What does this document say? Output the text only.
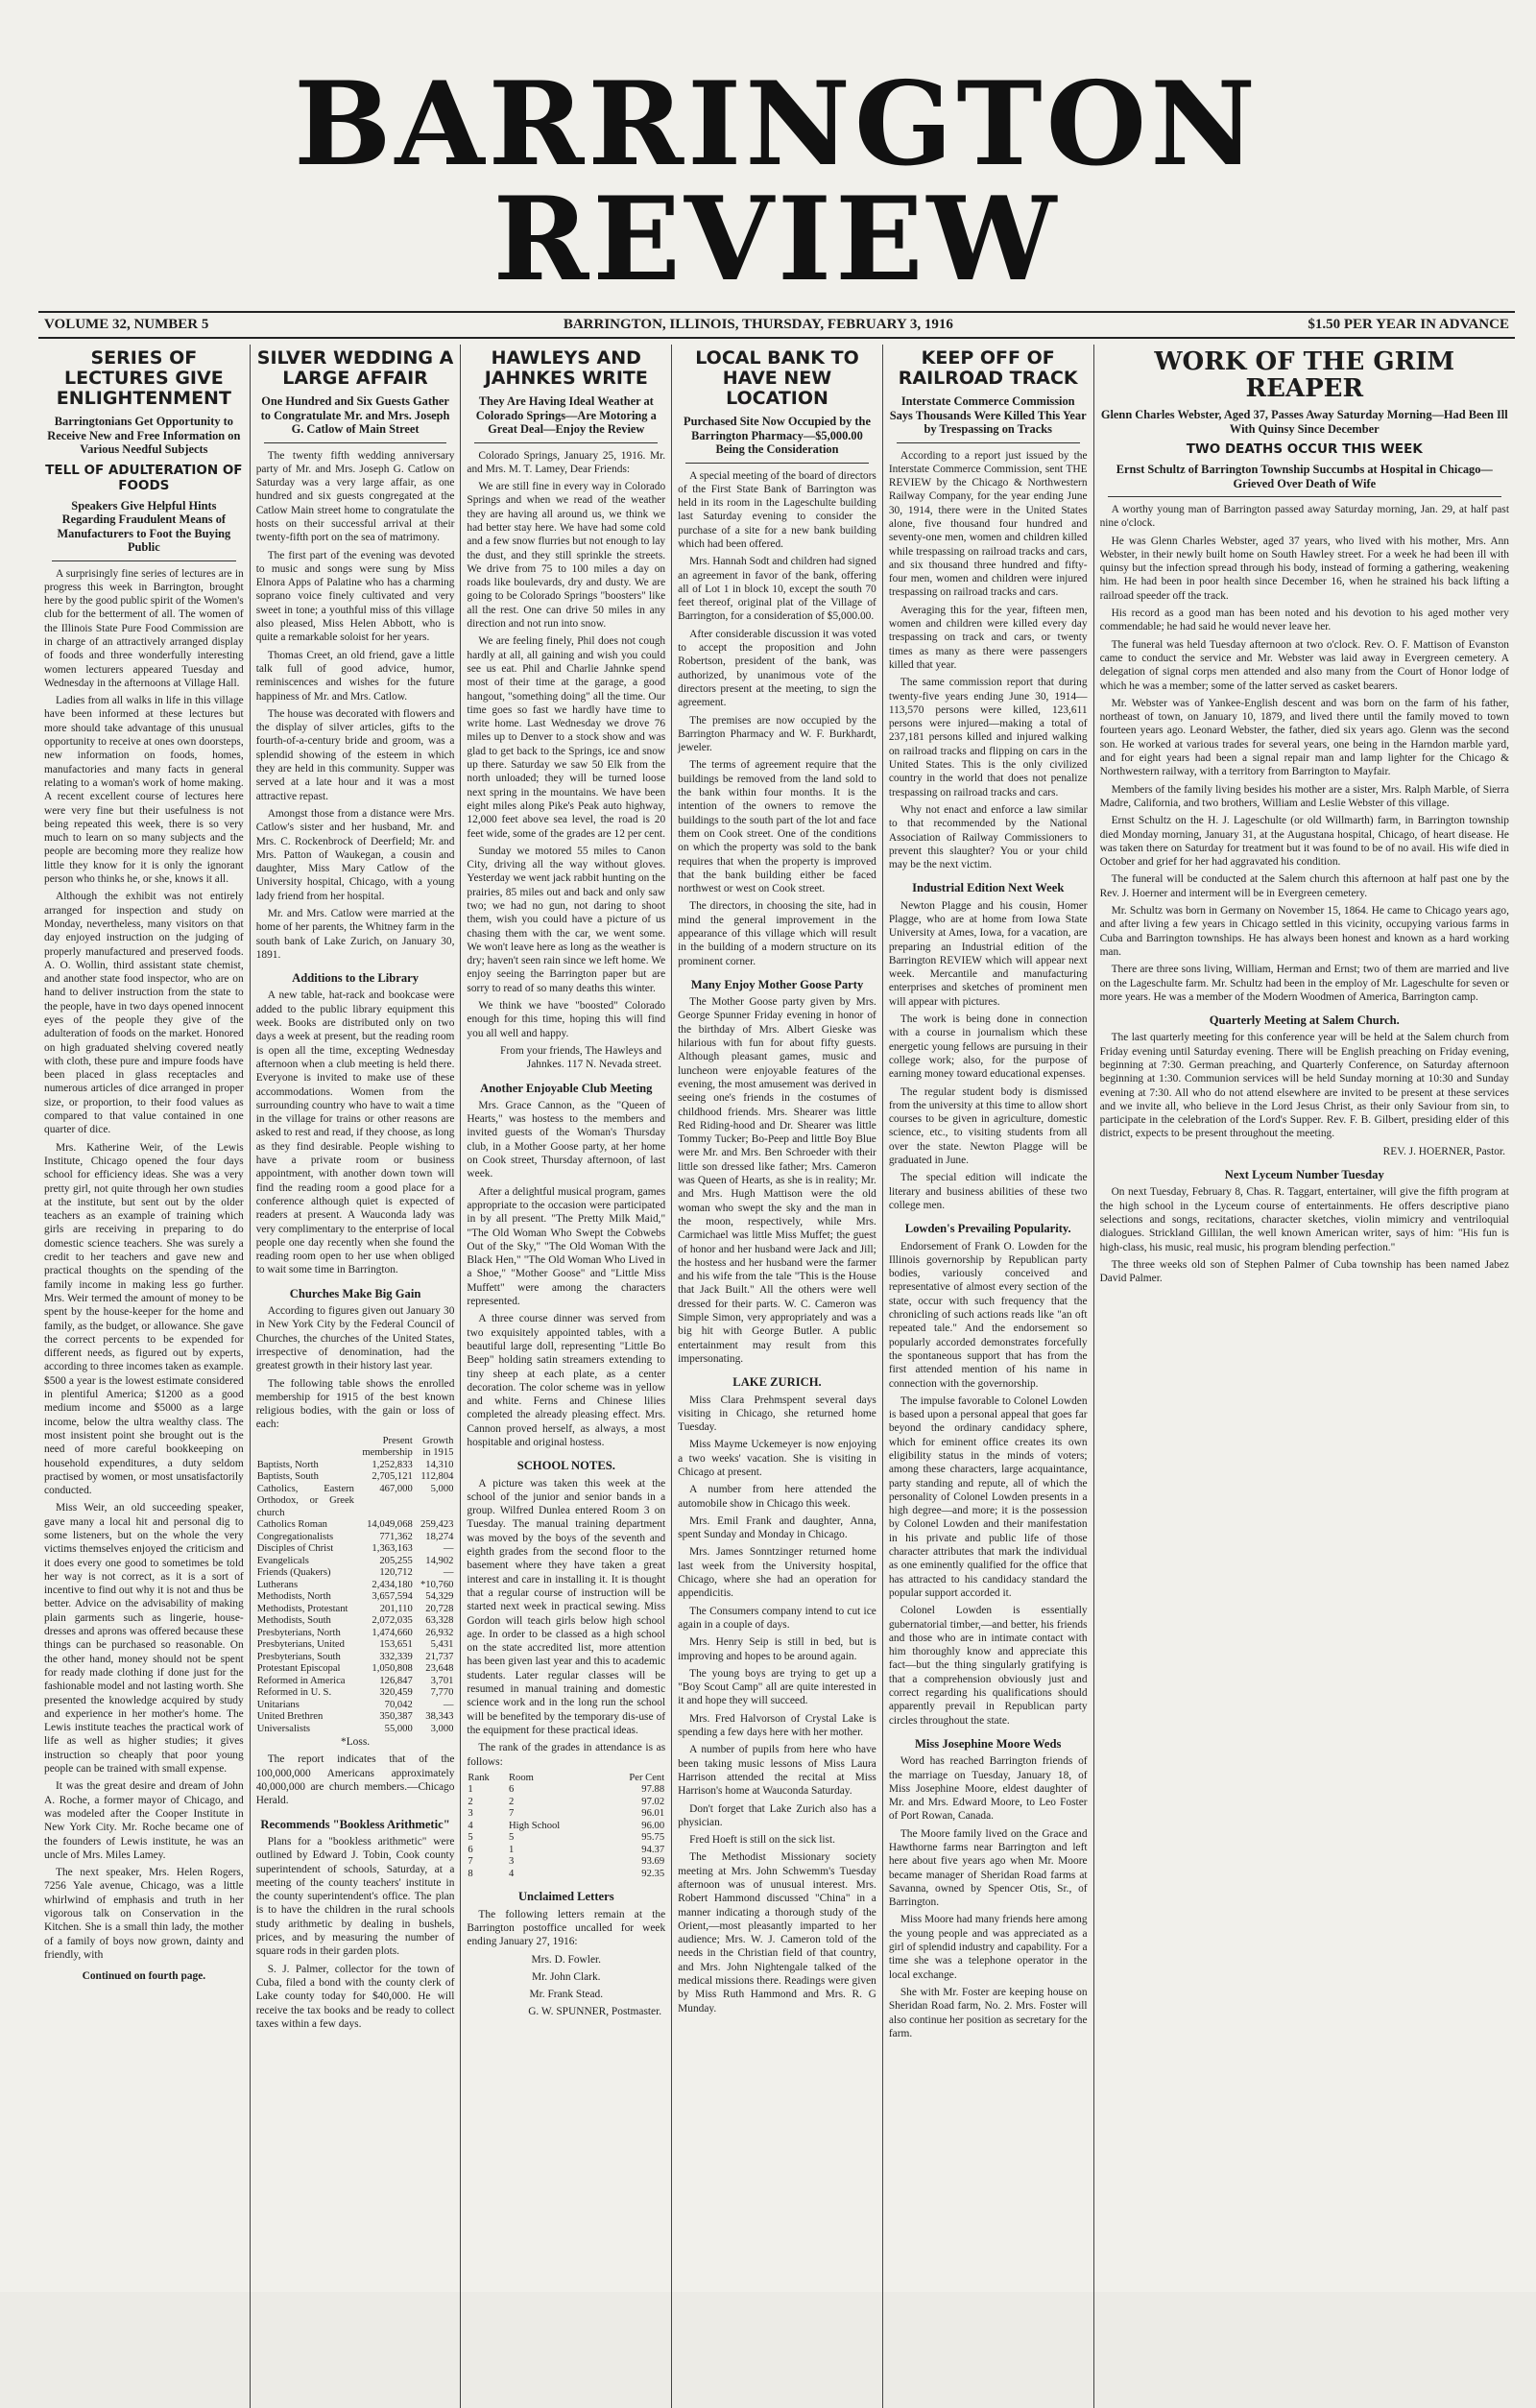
BARRINGTON REVIEW
VOLUME 32, NUMBER 5	BARRINGTON, ILLINOIS, THURSDAY, FEBRUARY 3, 1916	$1.50 PER YEAR IN ADVANCE
SERIES OF LECTURES GIVE ENLIGHTENMENT
Barringtonians Get Opportunity to Receive New and Free Information on Various Needful Subjects
TELL OF ADULTERATION OF FOODS
Speakers Give Helpful Hints Regarding Fraudulent Means of Manufacturers to Foot the Buying Public

A surprisingly fine series of lectures are in progress this week in Barrington, brought here by the good public spirit of the Women's club for the betterment of all. The women of the Illinois State Pure Food Commission are in charge of an attractively arranged display of foods and three wonderfully interesting women lecturers appeared Tuesday and Wednesday in the afternoons at Village Hall.

Ladies from all walks in life in this village have been informed at these lectures but more should take advantage of this unusual opportunity to receive at ones own doorsteps, new information on foods, homes, manufactories and many facts in general relating to a woman's work of home making. A recent excellent course of lectures here were very fine but their usefulness is not being repeated this week, there is so very much to learn on so many subjects and the people are becoming more they realize how little they know for it is only the ignorant person who thinks he, or she, knows it all.

Although the exhibit was not entirely arranged for inspection and study on Monday, nevertheless, many visitors on that day enjoyed instruction on the judging of properly manufactured and preserved foods. A. O. Wollin, third assistant state chemist, and another state food inspector, who are on hand to deliver instruction from the state to the people, have in two days opened innocent eyes of the people they give of the adulteration of foods on the market. Honored on high graduated shelving covered neatly with cloth, these pure and impure foods have been placed in glass receptacles and numerous articles of dice arranged in proper size, or proportion, to their food values as compared to that value contained in one quarter of dice.

Mrs. Katherine Weir, of the Lewis Institute, Chicago opened the four days school for efficiency ideas. She was a very pretty girl, not quite through her own studies at the institute, but sent out by the older teachers as an example of training which girls are receiving in preparing to do domestic science teachers. She was surely a credit to her teachers and gave new and practical thoughts on the spending of the family income in making less go further. Mrs. Weir termed the amount of money to be spent by the house-keeper for the home and family, as the budget, or allowance. She gave the correct percents to be expended for different needs, as figured out by experts, according to three incomes taken as example. $500 a year is the lowest estimate considered in plentiful America; $1200 as a good medium income and $5000 as a large income, below the ultra wealthy class. The most insistent point she brought out is the need of more careful bookkeeping on household expenditures, a duty seldom practised by women, or most unsatisfactorily conducted.

Miss Weir, an old succeeding speaker, gave many a local hit and personal dig to some listeners, but on the whole the very victims themselves enjoyed the criticism and it does every one good to sometimes be told her way is not correct, as it is a sort of incentive to find out why it is not and thus be better. Advice on the advisability of making plain garments such as lingerie, house-dresses and aprons was offered because these things can be purchased so reasonable. On the other hand, money should not be spent for ready made clothing if done just for the fashionable model and not lasting worth. She presented the knowledge acquired by study and experience in her mother's home. The Lewis institute teaches the practical work of life as well as higher studies; it gives instruction so cheaply that poor young people can be trained with small expense.

It was the great desire and dream of John A. Roche, a former mayor of Chicago, and was modeled after the Cooper Institute in New York City. Mr. Roche became one of the founders of Lewis institute, he was an uncle of Mrs. Miles Lamey.

The next speaker, Mrs. Helen Rogers, 7256 Yale avenue, Chicago, was a little whirlwind of emphasis and truth in her vigorous talk on Conservation in the Kitchen. She is a small thin lady, the mother of a family of boys now grown, dainty and friendly, with

Continued on fourth page.
SILVER WEDDING A LARGE AFFAIR
One Hundred and Six Guests Gather to Congratulate Mr. and Mrs. Joseph G. Catlow of Main Street

The twenty fifth wedding anniversary party of Mr. and Mrs. Joseph G. Catlow on Saturday was a very large affair, as one hundred and six guests congregated at the Catlow Main street home to congratulate the hosts on their successful arrival at their twenty-fifth port on the sea of matrimony.

The first part of the evening was devoted to music and songs were sung by Miss Elnora Apps of Palatine who has a charming soprano voice finely cultivated and very sweet in tone; a youthful miss of this village also pleased, Miss Helen Abbott, who is quite a remarkable soloist for her years.

Thomas Creet, an old friend, gave a little talk full of good advice, humor, reminiscences and wishes for the future happiness of Mr. and Mrs. Catlow.

The house was decorated with flowers and the display of silver articles, gifts to the fourth-of-a-century bride and groom, was a splendid showing of the esteem in which they are held in this community. Supper was served at a late hour and it was a most attractive repast.

Amongst those from a distance were Mrs. Catlow's sister and her husband, Mr. and Mrs. C. Rockenbrock of Deerfield; Mr. and Mrs. Patton of Waukegan, a cousin and daughter, Miss Mary Catlow of the University hospital, Chicago, with a young lady friend from her hospital.

Mr. and Mrs. Catlow were married at the home of her parents, the Whitney farm in the south bank of Lake Zurich, on January 30, 1891.

Additions to the Library

A new table, hat-rack and bookcase were added to the public library equipment this week. Books are distributed only on two days a week at present, but the reading room is open all the time, excepting Wednesday afternoon when a club meeting is held there. Everyone is invited to make use of these accommodations. Women from the surrounding country who have to wait a time in the village for trains or other reasons are asked to rest and read, if they choose, as long as they find desirable. People wishing to have a private room or business appointment, with another down town will find the reading room a good place for a conference although quiet is expected of readers at present. A Wauconda lady was very complimentary to the enterprise of local people one day recently when she found the reading room open to her use when obliged to wait some time in Barrington.

Churches Make Big Gain

According to figures given out January 30 in New York City by the Federal Council of Churches, the churches of the United States, irrespective of denomination, had the greatest growth in their history last year.

The following table shows the enrolled membership for 1915 of the best known religious bodies, with the gain or loss of each:

	Present membership	Growth in 1915
Baptists, North	1,252,833	14,310
Baptists, South	2,705,121	112,804
Catholics, Eastern Orthodox, or Greek church	467,000	5,000
Catholics Roman	14,049,068	259,423
Congregationalists	771,362	18,274
Disciples of Christ	1,363,163	—
Evangelicals	205,255	14,902
Friends (Quakers)	120,712	—
Lutherans	2,434,180	*10,760
Methodists, North	3,657,594	54,329
Methodists, Protestant	201,110	20,728
Methodists, South	2,072,035	63,328
Presbyterians, North	1,474,660	26,932
Presbyterians, United	153,651	5,431
Presbyterians, South	332,339	21,737
Protestant Episcopal	1,050,808	23,648
Reformed in America	126,847	3,701
Reformed in U. S.	320,459	7,770
Unitarians	70,042	—
United Brethren	350,387	38,343
Universalists	55,000	3,000

*Loss.

The report indicates that of the 100,000,000 Americans approximately 40,000,000 are church members.—Chicago Herald.

Recommends "Bookless Arithmetic"

Plans for a "bookless arithmetic" were outlined by Edward J. Tobin, Cook county superintendent of schools, Saturday, at a meeting of the county teachers' institute in the county superintendent's office. The plan is to have the children in the rural schools study arithmetic by dealing in bushels, prices, and by measuring the number of square rods in their garden plots.

S. J. Palmer, collector for the town of Cuba, filed a bond with the county clerk of Lake county today for $40,000. He will receive the tax books and be ready to collect taxes within a few days.

HAWLEYS AND JAHNKES WRITE
They Are Having Ideal Weather at Colorado Springs—Are Motoring a Great Deal—Enjoy the Review

Colorado Springs, January 25, 1916. Mr. and Mrs. M. T. Lamey, Dear Friends:

We are still fine in every way in Colorado Springs and when we read of the weather they are having all around us, we think we had better stay here. We have had some cold and a few snow flurries but not enough to lay the dust, and they still sprinkle the streets. We drive from 75 to 100 miles a day on roads like boulevards, dry and dusty. We are going to be Colorado Springs "boosters" like all the rest. One can drive 50 miles in any direction and not run into snow.

We are feeling finely, Phil does not cough hardly at all, all gaining and wish you could see us eat. Phil and Charlie Jahnke spend most of their time at the garage, a good hangout, "something doing" all the time. Our time goes so fast we hardly have time to write home. Last Wednesday we drove 76 miles up to Denver to a stock show and was glad to get back to the Springs, ice and snow up there. Saturday we saw 50 Elk from the north unloaded; they will be turned loose next spring in the mountains. We have been eight miles along Pike's Peak auto highway, 12,000 feet above sea level, the road is 20 feet wide, some of the grades are 12 per cent.

Sunday we motored 55 miles to Canon City, driving all the way without gloves. Yesterday we went jack rabbit hunting on the prairies, 85 miles out and back and only saw two; we had no gun, not daring to shoot them, wish you could have a picture of us chasing them with the car, we went some. We won't leave here as long as the weather is dry; haven't seen rain since we left home. We enjoy seeing the Barrington paper but are sorry to read of so many deaths this winter.

We think we have "boosted" Colorado enough for this time, hoping this will find you all well and happy.

From your friends, The Hawleys and Jahnkes. 117 N. Nevada street.
Another Enjoyable Club Meeting

Mrs. Grace Cannon, as the "Queen of Hearts," was hostess to the members and invited guests of the Woman's Thursday club, in a Mother Goose party, at her home on Cook street, Thursday afternoon, of last week.

After a delightful musical program, games appropriate to the occasion were participated in by all present. "The Pretty Milk Maid," "The Old Woman Who Swept the Cobwebs Out of the Sky," "The Old Woman With the Black Hen," "The Old Woman Who Lived in a Shoe," "Mother Goose" and "Little Miss Muffett" were among the characters represented.

A three course dinner was served from two exquisitely appointed tables, with a beautiful large doll, representing "Little Bo Beep" holding satin streamers extending to tiny sheep at each plate, as a center decoration. The color scheme was in yellow and white. Ferns and Chinese lilies completed the already pleasing effect. Mrs. Cannon proved herself, as always, a most hospitable and original hostess.

SCHOOL NOTES.

A picture was taken this week at the school of the junior and senior bands in a group. Wilfred Dunlea entered Room 3 on Tuesday. The manual training department was moved by the boys of the seventh and eighth grades from the second floor to the basement where they have taken a great interest and care in installing it. It is thought that a regular course of instruction will be started next week in practical sewing. Miss Gordon will teach girls below high school age. In order to be classed as a high school on the state accredited list, more attention has been given last year and this to academic students. Later regular classes will be resumed in manual training and domestic science work and in the long run the school will be benefited by the temporary dis-use of the equipment for these practical ideas.

The rank of the grades in attendance is as follows:

Rank	Room	Per Cent
1	6	97.88
2	2	97.02
3	7	96.01
4	High School	96.00
5	5	95.75
6	1	94.37
7	3	93.69
8	4	92.35
Unclaimed Letters

The following letters remain at the Barrington postoffice uncalled for week ending January 27, 1916:

Mrs. D. Fowler.

Mr. John Clark.

Mr. Frank Stead.

G. W. SPUNNER, Postmaster.
LOCAL BANK TO HAVE NEW LOCATION
Purchased Site Now Occupied by the Barrington Pharmacy—$5,000.00 Being the Consideration

A special meeting of the board of directors of the First State Bank of Barrington was held in its room in the Lageschulte building last Saturday evening to consider the purchase of a site for a new bank building which had been offered.

Mrs. Hannah Sodt and children had signed an agreement in favor of the bank, offering all of Lot 1 in block 10, except the south 70 feet thereof, original plat of the Village of Barrington, for a consideration of $5,000.00.

After considerable discussion it was voted to accept the proposition and John Robertson, president of the bank, was authorized, by unanimous vote of the directors present at the meeting, to sign the agreement.

The premises are now occupied by the Barrington Pharmacy and W. F. Burkhardt, jeweler.

The terms of agreement require that the buildings be removed from the land sold to the bank within four months. It is the intention of the owners to remove the buildings to the south part of the lot and face them on Cook street. One of the conditions on which the property was sold to the bank requires that when the property is improved that the bank building either be faced northwest or west on Cook street.

The directors, in choosing the site, had in mind the general improvement in the appearance of this village which will result in the building of a modern structure on its prominent corner.

Many Enjoy Mother Goose Party

The Mother Goose party given by Mrs. George Spunner Friday evening in honor of the birthday of Mrs. Albert Gieske was hilarious with fun for about fifty guests. Although pleasant games, music and luncheon were enjoyable features of the evening, the most amusement was derived in seeing one's friends in the costumes of childhood friends. Mrs. Shearer was little Red Riding-hood and Dr. Shearer was little Tommy Tucker; Bo-Peep and little Boy Blue were Mr. and Mrs. Ben Schroeder with their little son dressed like father; Mrs. Cameron was Queen of Hearts, as she is in reality; Mr. and Mrs. Hugh Mattison were the old woman who swept the sky and the man in the moon, respectively, while Mrs. Carmichael was little Miss Muffet; the guest of honor and her husband were Jack and Jill; the hostess and her husband were the farmer and his wife from the tale "This is the House that Jack Built." All the others were well dressed for their parts. W. C. Cameron was Simple Simon, very appropriately and was a big hit with George Butler. A public entertainment may result from this impersonating.

LAKE ZURICH.

Miss Clara Prehmspent several days visiting in Chicago, she returned home Tuesday.

Miss Mayme Uckemeyer is now enjoying a two weeks' vacation. She is visiting in Chicago at present.

A number from here attended the automobile show in Chicago this week.

Mrs. Emil Frank and daughter, Anna, spent Sunday and Monday in Chicago.

Mrs. James Sonntzinger returned home last week from the University hospital, Chicago, where she had an operation for appendicitis.

The Consumers company intend to cut ice again in a couple of days.

Mrs. Henry Seip is still in bed, but is improving and hopes to be around again.

The young boys are trying to get up a "Boy Scout Camp" all are quite interested in it and hope they will succeed.

Mrs. Fred Halvorson of Crystal Lake is spending a few days here with her mother.

A number of pupils from here who have been taking music lessons of Miss Laura Harrison attended the recital at Miss Harrison's home at Wauconda Saturday.

Don't forget that Lake Zurich also has a physician.

Fred Hoeft is still on the sick list.

The Methodist Missionary society meeting at Mrs. John Schwemm's Tuesday afternoon was of unusual interest. Mrs. Robert Hammond discussed "China" in a manner indicating a thorough study of the Orient,—most pleasantly imparted to her audience; Mrs. W. J. Cameron told of the needs in the Christian field of that country, and Mrs. John Nightengale talked of the medical missions there. Readings were given by Miss Ruth Hammond and Mrs. R. G Munday.

KEEP OFF OF RAILROAD TRACK
Interstate Commerce Commission Says Thousands Were Killed This Year by Trespassing on Tracks

According to a report just issued by the Interstate Commerce Commission, sent THE REVIEW by the Chicago & Northwestern Railway Company, for the year ending June 30, 1914, there were in the United States alone, five thousand four hundred and seventy-one men, women and children killed while trespassing on railroad tracks and cars, and six thousand three hundred and fifty-four men, women and children were injured trespassing on railroad tracks and cars.

Averaging this for the year, fifteen men, women and children were killed every day trespassing on track and cars, or twenty times as many as there were passengers killed that year.

The same commission report that during twenty-five years ending June 30, 1914—113,570 persons were killed, 123,611 persons were injured—making a total of 237,181 persons killed and injured walking on railroad tracks and flipping on cars in the United States. This is the only civilized country in the world that does not penalize trespassing on railroad tracks and cars.

Why not enact and enforce a law similar to that recommended by the National Association of Railway Commissioners to prevent this slaughter? You or your child may be the next victim.

Industrial Edition Next Week

Newton Plagge and his cousin, Homer Plagge, who are at home from Iowa State University at Ames, Iowa, for a vacation, are preparing an Industrial edition of the Barrington REVIEW which will appear next week. Mercantile and manufacturing enterprises and sketches of prominent men will appear with pictures.

The work is being done in connection with a course in journalism which these energetic young fellows are pursuing in their college work; also, for the purpose of earning money toward educational expenses.

The regular student body is dismissed from the university at this time to allow short courses to be given in agriculture, domestic science, etc., to visiting students from all over the state. Newton Plagge will be graduated in June.

The special edition will indicate the literary and business abilities of these two college men.

Lowden's Prevailing Popularity.

Endorsement of Frank O. Lowden for the Illinois governorship by Republican party bodies, variously conceived and representative of almost every section of the state, occur with such frequency that the chronicling of such actions reads like "an oft repeated tale." And the endorsement so popularly accorded demonstrates forcefully the spontaneous support that has from the first attended mention of his name in connection with the governorship.

The impulse favorable to Colonel Lowden is based upon a personal appeal that goes far beyond the ordinary candidacy sphere, which for eminent office creates its own eligibility status in the minds of voters; among these characters, large acquaintance, party standing and repute, all of which the personality of Colonel Lowden presents in a high degree—and more; it is the possession by Colonel Lowden and their manifestation in his private and public life of those character attributes that mark the individual as one eminently qualified for the office that has attracted to his candidacy standard the popular support accorded it.

Colonel Lowden is essentially gubernatorial timber,—and better, his friends and those who are in intimate contact with him thoroughly know and appreciate this fact—but the thing singularly gratifying is that a comprehension obviously just and correct regarding his qualifications should apparently prevail in Republican party circles throughout the state.

Miss Josephine Moore Weds

Word has reached Barrington friends of the marriage on Tuesday, January 18, of Miss Josephine Moore, eldest daughter of Mr. and Mrs. Edward Moore, to Leo Foster of Port Rowan, Canada.

The Moore family lived on the Grace and Hawthorne farms near Barrington and left here about five years ago when Mr. Moore became manager of Sheridan Road farms at Savanna, owned by Spencer Otis, Sr., of Barrington.

Miss Moore had many friends here among the young people and was appreciated as a girl of splendid industry and capability. For a time she was a telephone operator in the local exchange.

She with Mr. Foster are keeping house on Sheridan Road farm, No. 2. Mrs. Foster will also continue her position as secretary for the farm.

WORK OF THE GRIM REAPER
Glenn Charles Webster, Aged 37, Passes Away Saturday Morning—Had Been Ill With Quinsy Since December
TWO DEATHS OCCUR THIS WEEK
Ernst Schultz of Barrington Township Succumbs at Hospital in Chicago—Grieved Over Death of Wife

A worthy young man of Barrington passed away Saturday morning, Jan. 29, at half past nine o'clock.

He was Glenn Charles Webster, aged 37 years, who lived with his mother, Mrs. Ann Webster, in their newly built home on South Hawley street. For a week he had been ill with quinsy but the infection spread through his body, instead of forming a gathering, weakening him. He had been in poor health since December 16, when he strained his back lifting a railroad speeder off the track.

His record as a good man has been noted and his devotion to his aged mother very commendable; he had said he would never leave her.

The funeral was held Tuesday afternoon at two o'clock. Rev. O. F. Mattison of Evanston came to conduct the service and Mr. Webster was laid away in Evergreen cemetery. A delegation of signal corps men attended and also many from the Court of Honor lodge of which he was a member; some of the latter served as casket bearers.

Mr. Webster was of Yankee-English descent and was born on the farm of his father, northeast of town, on January 10, 1879, and lived there until the family moved to town fourteen years ago. Leonard Webster, the father, died six years ago. Glenn was the second son. He worked at various trades for several years, one being in the Harndon marble yard, and for eight years had been a signal repair man and lamp lighter for the Chicago & Northwestern railway, with a territory from Barrington to Mayfair.

Members of the family living besides his mother are a sister, Mrs. Ralph Marble, of Sierra Madre, California, and two brothers, William and Leslie Webster of this village.

Ernst Schultz on the H. J. Lageschulte (or old Willmarth) farm, in Barrington township died Monday morning, January 31, at the Augustana hospital, Chicago, of heart disease. He was taken there on Saturday for treatment but it was found to be of no avail. His wife died in October and grief for her had aggravated his condition.

The funeral will be conducted at the Salem church this afternoon at half past one by the Rev. J. Hoerner and interment will be in Evergreen cemetery.

Mr. Schultz was born in Germany on November 15, 1864. He came to Chicago years ago, and after living a few years in Chicago settled in this vicinity, occupying various farms in Cuba and Barrington townships. He has always been honest and known as a hard working man.

There are three sons living, William, Herman and Ernst; two of them are married and live on the Lageschulte farm. Mr. Schultz had been in the employ of Mr. Lageschulte for seven or more years. He was a member of the Modern Woodmen of America, Barrington camp.

Quarterly Meeting at Salem Church.

The last quarterly meeting for this conference year will be held at the Salem church from Friday evening until Saturday evening. There will be English preaching on Friday evening, beginning at 7:30. German preaching, and Quarterly Conference, on Saturday afternoon beginning at 1:30. Communion services will be held Sunday morning at 10:30 and Sunday evening at 7:30. All who do not attend elsewhere are invited to be present at these services and we invite all, who believe in the Lord Jesus Christ, as their only Saviour from sin, to participate in the celebration of the Lord's Supper. Rev. F. B. Gilbert, presiding elder of this district, expects to be present throughout the meeting.

REV. J. HOERNER, Pastor.
Next Lyceum Number Tuesday

On next Tuesday, February 8, Chas. R. Taggart, entertainer, will give the fifth program at the high school in the Lyceum course of entertainments. He offers descriptive piano selections and songs, recitations, character sketches, violin mimicry and ventriloquial dialogues. Strickland Gillilan, the well known American writer, says of him: "His fun is high-class, his music, real music, his program blending perfection."

The three weeks old son of Stephen Palmer of Cuba township has been named Jabez David Palmer.
